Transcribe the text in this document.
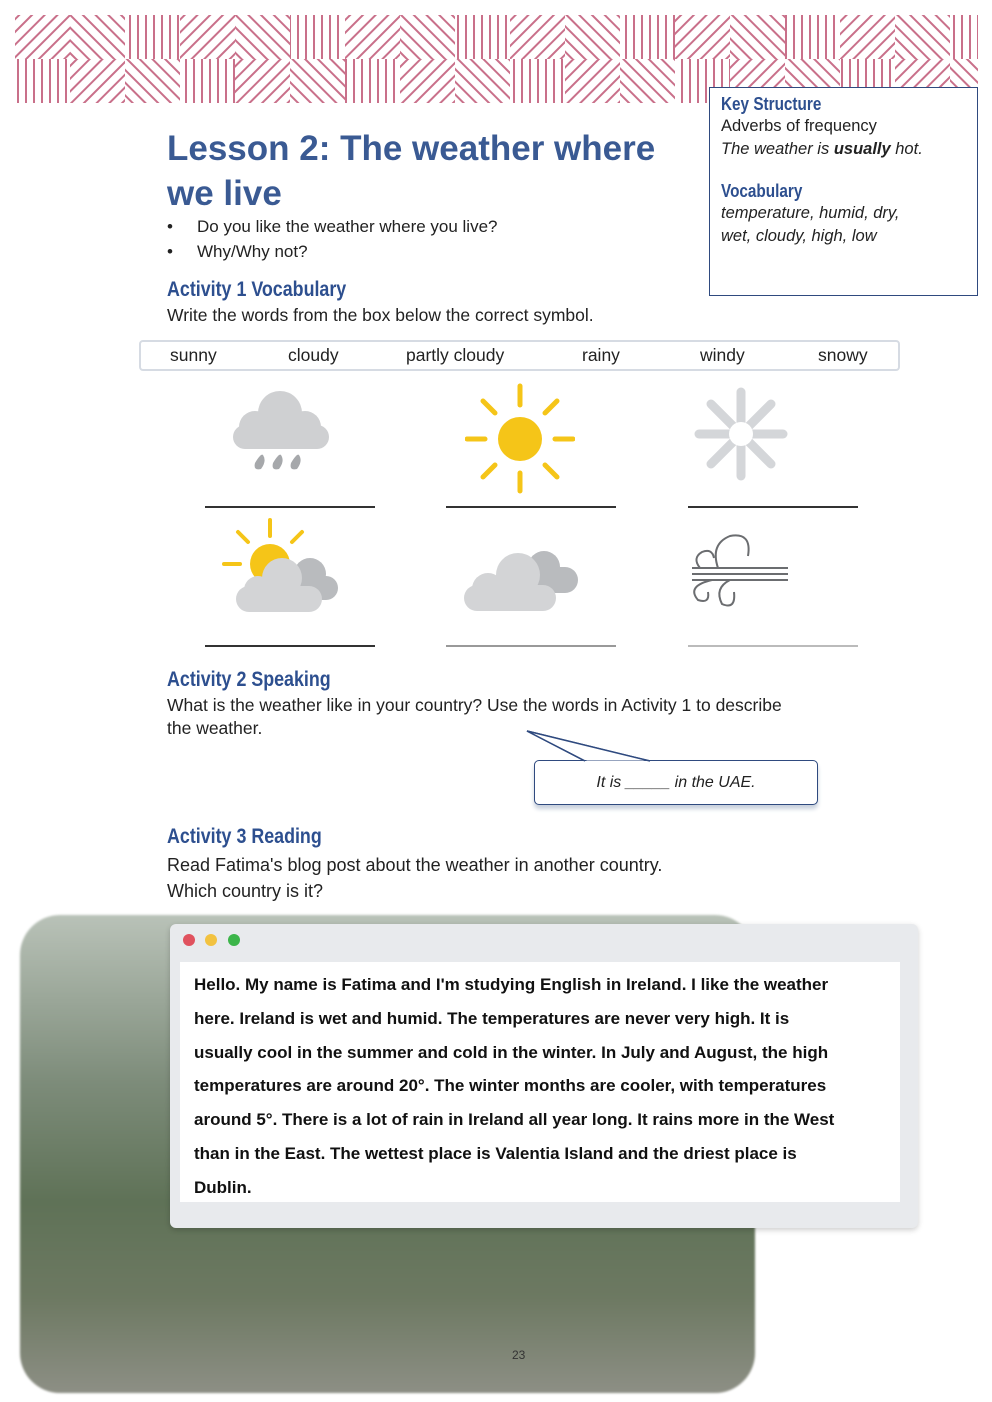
Key Structure

Adverbs of frequency

The weather is usually hot.

Vocabulary

temperature, humid, dry,

wet, cloudy, high, low

Lesson 2: The weather where
we live
• Do you like the weather where you live?
• Why/Why not?
Activity 1 Vocabulary
Write the words from the box below the correct symbol.
sunny	cloudy	partly cloudy	rainy	windy	snowy
Activity 2 Speaking
What is the weather like in your country? Use the words in Activity 1 to describe
the weather.
It is
_____
in the UAE.
Activity 3 Reading
Read Fatima's blog post about the weather in another country.
Which country is it?
Hello. My name is Fatima and I'm studying English in Ireland. I like the weather
here. Ireland is wet and humid. The temperatures are never very high. It is
usually cool in the summer and cold in the winter. In July and August, the high
temperatures are around 20°. The winter months are cooler, with temperatures
around 5°. There is a lot of rain in Ireland all year long. It rains more in the West
than in the East. The wettest place is Valentia Island and the driest place is
Dublin.
23
